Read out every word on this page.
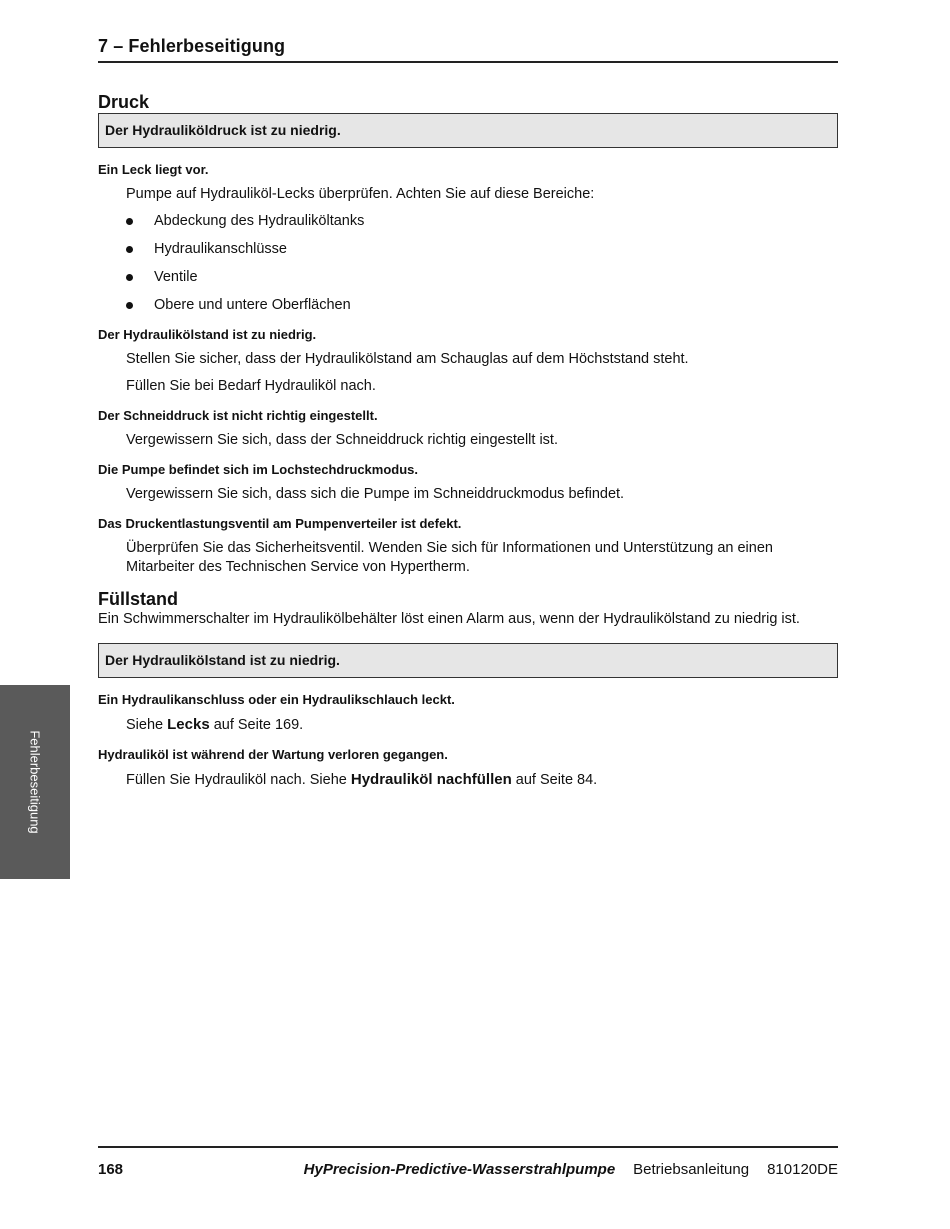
7 – Fehlerbeseitigung
Druck
Der Hydrauliköldruck ist zu niedrig.

Ein Leck liegt vor.

Pumpe auf Hydrauliköl-Lecks überprüfen. Achten Sie auf diese Bereiche:

Abdeckung des Hydrauliköltanks
Hydraulikanschlüsse
Ventile
Obere und untere Oberflächen

Der Hydraulikölstand ist zu niedrig.

Stellen Sie sicher, dass der Hydraulikölstand am Schauglas auf dem Höchststand steht.

Füllen Sie bei Bedarf Hydrauliköl nach.

Der Schneiddruck ist nicht richtig eingestellt.

Vergewissern Sie sich, dass der Schneiddruck richtig eingestellt ist.

Die Pumpe befindet sich im Lochstechdruckmodus.

Vergewissern Sie sich, dass sich die Pumpe im Schneiddruckmodus befindet.

Das Druckentlastungsventil am Pumpenverteiler ist defekt.

Überprüfen Sie das Sicherheitsventil. Wenden Sie sich für Informationen und Unterstützung an einen Mitarbeiter des Technischen Service von Hypertherm.

Füllstand

Ein Schwimmerschalter im Hydraulikölbehälter löst einen Alarm aus, wenn der Hydraulikölstand zu niedrig ist.

Der Hydraulikölstand ist zu niedrig.

Ein Hydraulikanschluss oder ein Hydraulikschlauch leckt.

Siehe Lecks auf Seite 169.

Hydrauliköl ist während der Wartung verloren gegangen.

Füllen Sie Hydrauliköl nach. Siehe Hydrauliköl nachfüllen auf Seite 84.

Fehlerbeseitigung
168	HyPrecision-Predictive-Wasserstrahlpumpe Betriebsanleitung 810120DE
